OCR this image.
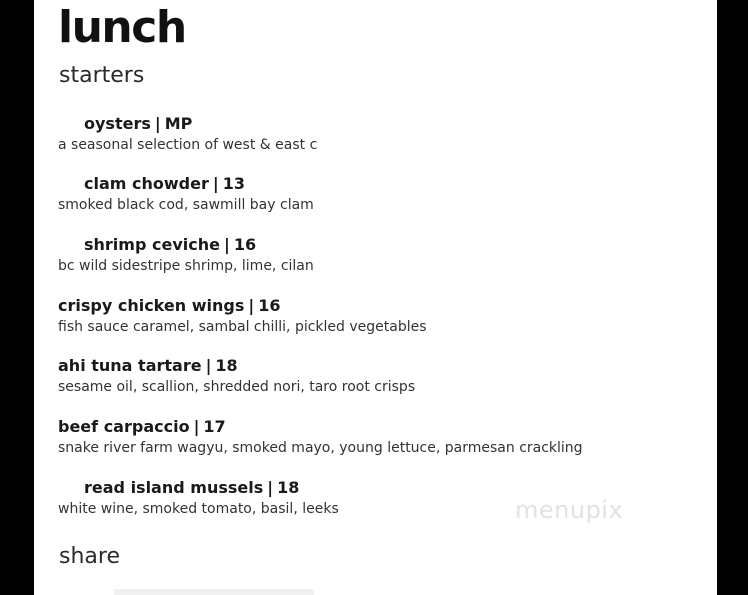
lunch
starters
oysters | MP
a seasonal selection of west & east c
clam chowder | 13
smoked black cod, sawmill bay clam
shrimp ceviche | 16
bc wild sidestripe shrimp, lime, cilan
crispy chicken wings | 16
fish sauce caramel, sambal chilli, pickled vegetables
ahi tuna tartare | 18
sesame oil, scallion, shredded nori, taro root crisps
beef carpaccio | 17
snake river farm wagyu, smoked mayo, young lettuce, parmesan crackling
read island mussels | 18
white wine, smoked tomato, basil, leeks
share
menupix
